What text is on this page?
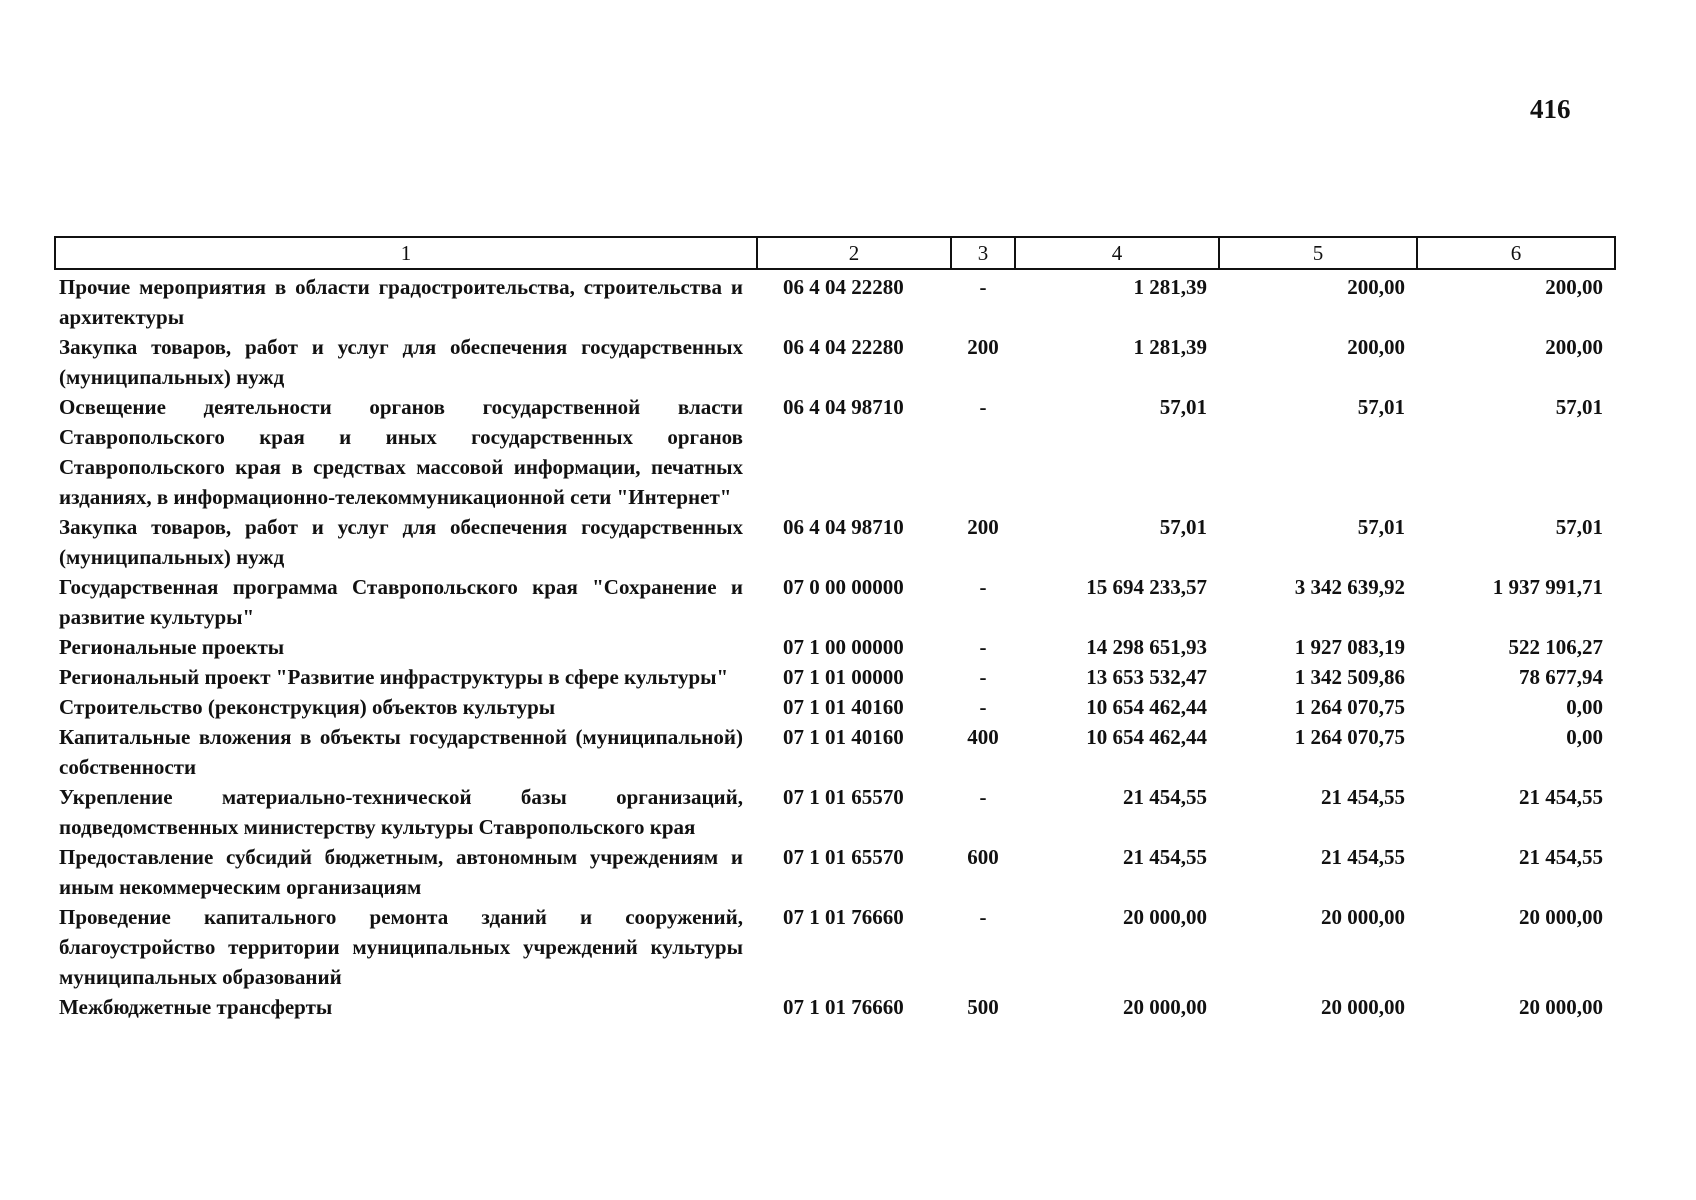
416
1	2	3	4	5	6
Прочие мероприятия в области градостроительства, строительства и архитектуры	06 4 04 22280	-	1 281,39	200,00	200,00
Закупка товаров, работ и услуг для обеспечения государственных (муниципальных) нужд	06 4 04 22280	200	1 281,39	200,00	200,00
Освещение деятельности органов государственной власти Ставропольского края и иных государственных органов Ставропольского края в средствах массовой информации, печатных изданиях, в информационно-телекоммуникационной сети "Интернет"	06 4 04 98710	-	57,01	57,01	57,01
Закупка товаров, работ и услуг для обеспечения государственных (муниципальных) нужд	06 4 04 98710	200	57,01	57,01	57,01
Государственная программа Ставропольского края "Сохранение и развитие культуры"	07 0 00 00000	-	15 694 233,57	3 342 639,92	1 937 991,71
Региональные проекты	07 1 00 00000	-	14 298 651,93	1 927 083,19	522 106,27
Региональный проект "Развитие инфраструктуры в сфере культуры"	07 1 01 00000	-	13 653 532,47	1 342 509,86	78 677,94
Строительство (реконструкция) объектов культуры	07 1 01 40160	-	10 654 462,44	1 264 070,75	0,00
Капитальные вложения в объекты государственной (муниципальной) собственности	07 1 01 40160	400	10 654 462,44	1 264 070,75	0,00
Укрепление материально-технической базы организаций, подведомственных министерству культуры Ставропольского края	07 1 01 65570	-	21 454,55	21 454,55	21 454,55
Предоставление субсидий бюджетным, автономным учреждениям и иным некоммерческим организациям	07 1 01 65570	600	21 454,55	21 454,55	21 454,55
Проведение капитального ремонта зданий и сооружений, благоустройство территории муниципальных учреждений культуры муниципальных образований	07 1 01 76660	-	20 000,00	20 000,00	20 000,00
Межбюджетные трансферты	07 1 01 76660	500	20 000,00	20 000,00	20 000,00
